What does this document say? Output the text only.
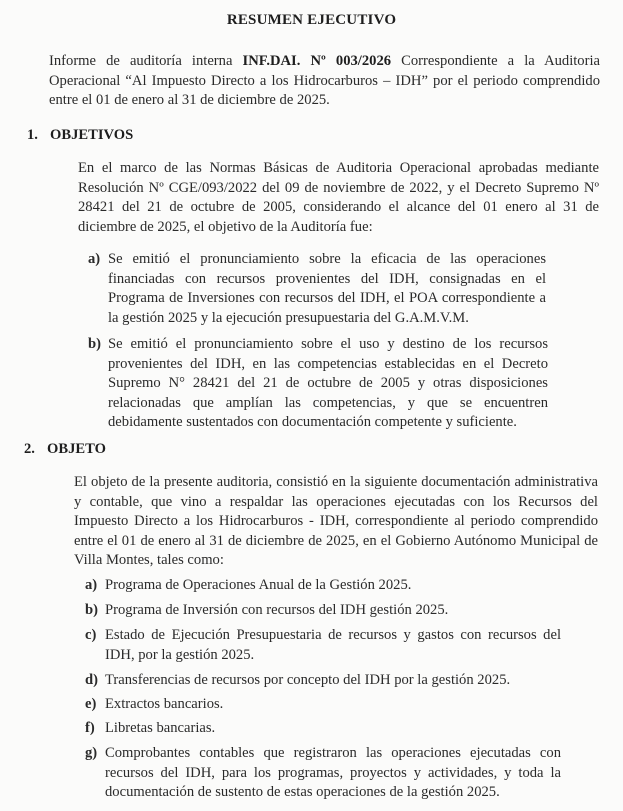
RESUMEN EJECUTIVO
Informe de auditoría interna INF.DAI. Nº 003/2026 Correspondiente a la Auditoria Operacional “Al Impuesto Directo a los Hidrocarburos – IDH” por el periodo comprendido entre el 01 de enero al 31 de diciembre de 2025.
1. OBJETIVOS
En el marco de las Normas Básicas de Auditoria Operacional aprobadas mediante Resolución Nº CGE/093/2022 del 09 de noviembre de 2022, y el Decreto Supremo Nº 28421 del 21 de octubre de 2005, considerando el alcance del 01 enero al 31 de diciembre de 2025, el objetivo de la Auditoría fue:
a) Se emitió el pronunciamiento sobre la eficacia de las operaciones financiadas con recursos provenientes del IDH, consignadas en el Programa de Inversiones con recursos del IDH, el POA correspondiente a la gestión 2025 y la ejecución presupuestaria del G.A.M.V.M.
b) Se emitió el pronunciamiento sobre el uso y destino de los recursos provenientes del IDH, en las competencias establecidas en el Decreto Supremo N° 28421 del 21 de octubre de 2005 y otras disposiciones relacionadas que amplían las competencias, y que se encuentren debidamente sustentados con documentación competente y suficiente.
2. OBJETO
El objeto de la presente auditoria, consistió en la siguiente documentación administrativa y contable, que vino a respaldar las operaciones ejecutadas con los Recursos del Impuesto Directo a los Hidrocarburos - IDH, correspondiente al periodo comprendido entre el 01 de enero al 31 de diciembre de 2025, en el Gobierno Autónomo Municipal de Villa Montes, tales como:
a) Programa de Operaciones Anual de la Gestión 2025.
b) Programa de Inversión con recursos del IDH gestión 2025.
c) Estado de Ejecución Presupuestaria de recursos y gastos con recursos del IDH, por la gestión 2025.
d) Transferencias de recursos por concepto del IDH por la gestión 2025.
e) Extractos bancarios.
f) Libretas bancarias.
g) Comprobantes contables que registraron las operaciones ejecutadas con recursos del IDH, para los programas, proyectos y actividades, y toda la documentación de sustento de estas operaciones de la gestión 2025.
